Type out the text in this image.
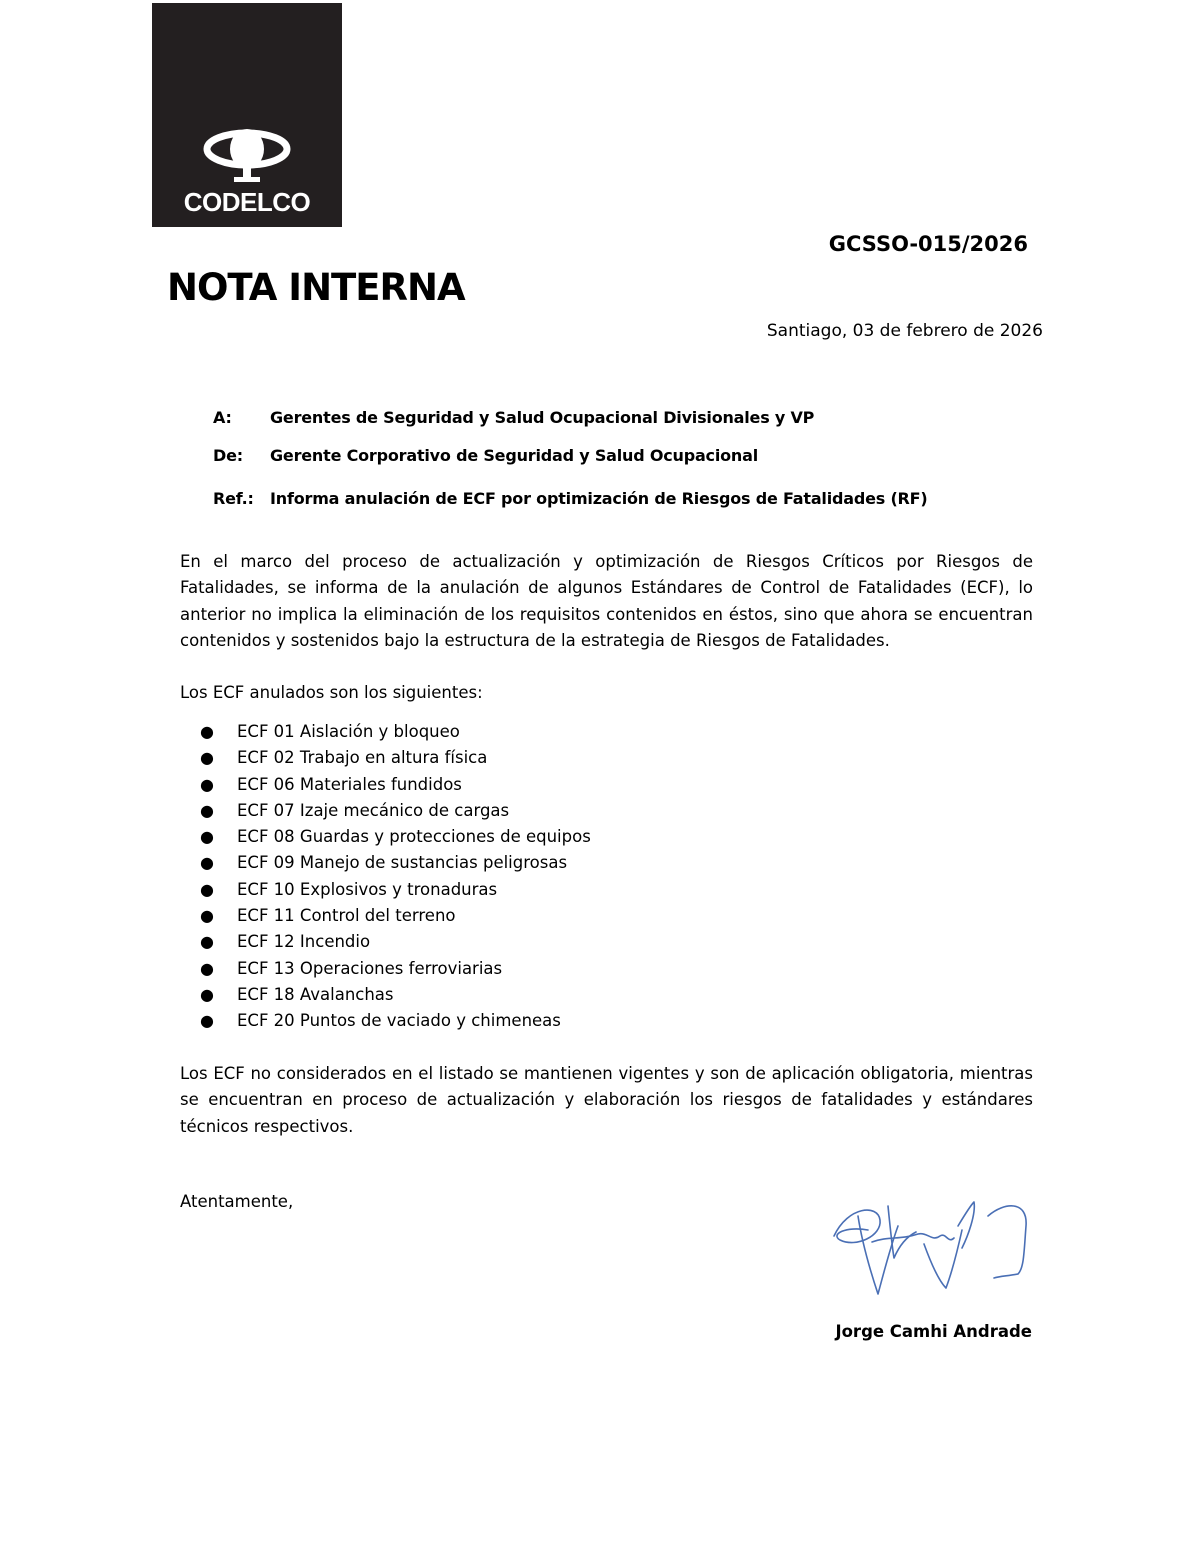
CODELCO
GCSSO-015/2026
NOTA INTERNA
Santiago, 03 de febrero de 2026
A: Gerentes de Seguridad y Salud Ocupacional Divisionales y VP
De: Gerente Corporativo de Seguridad y Salud Ocupacional
Ref.: Informa anulación de ECF por optimización de Riesgos de Fatalidades (RF)
En el marco del proceso de actualización y optimización de Riesgos Críticos por Riesgos de Fatalidades, se informa de la anulación de algunos Estándares de Control de Fatalidades (ECF), lo anterior no implica la eliminación de los requisitos contenidos en éstos, sino que ahora se encuentran contenidos y sostenidos bajo la estructura de la estrategia de Riesgos de Fatalidades.
Los ECF anulados son los siguientes:
● ECF 01 Aislación y bloqueo
● ECF 02 Trabajo en altura física
● ECF 06 Materiales fundidos
● ECF 07 Izaje mecánico de cargas
● ECF 08 Guardas y protecciones de equipos
● ECF 09 Manejo de sustancias peligrosas
● ECF 10 Explosivos y tronaduras
● ECF 11 Control del terreno
● ECF 12 Incendio
● ECF 13 Operaciones ferroviarias
● ECF 18 Avalanchas
● ECF 20 Puntos de vaciado y chimeneas
Los ECF no considerados en el listado se mantienen vigentes y son de aplicación obligatoria, mientras se encuentran en proceso de actualización y elaboración los riesgos de fatalidades y estándares técnicos respectivos.
Atentamente,
Jorge Camhi Andrade
